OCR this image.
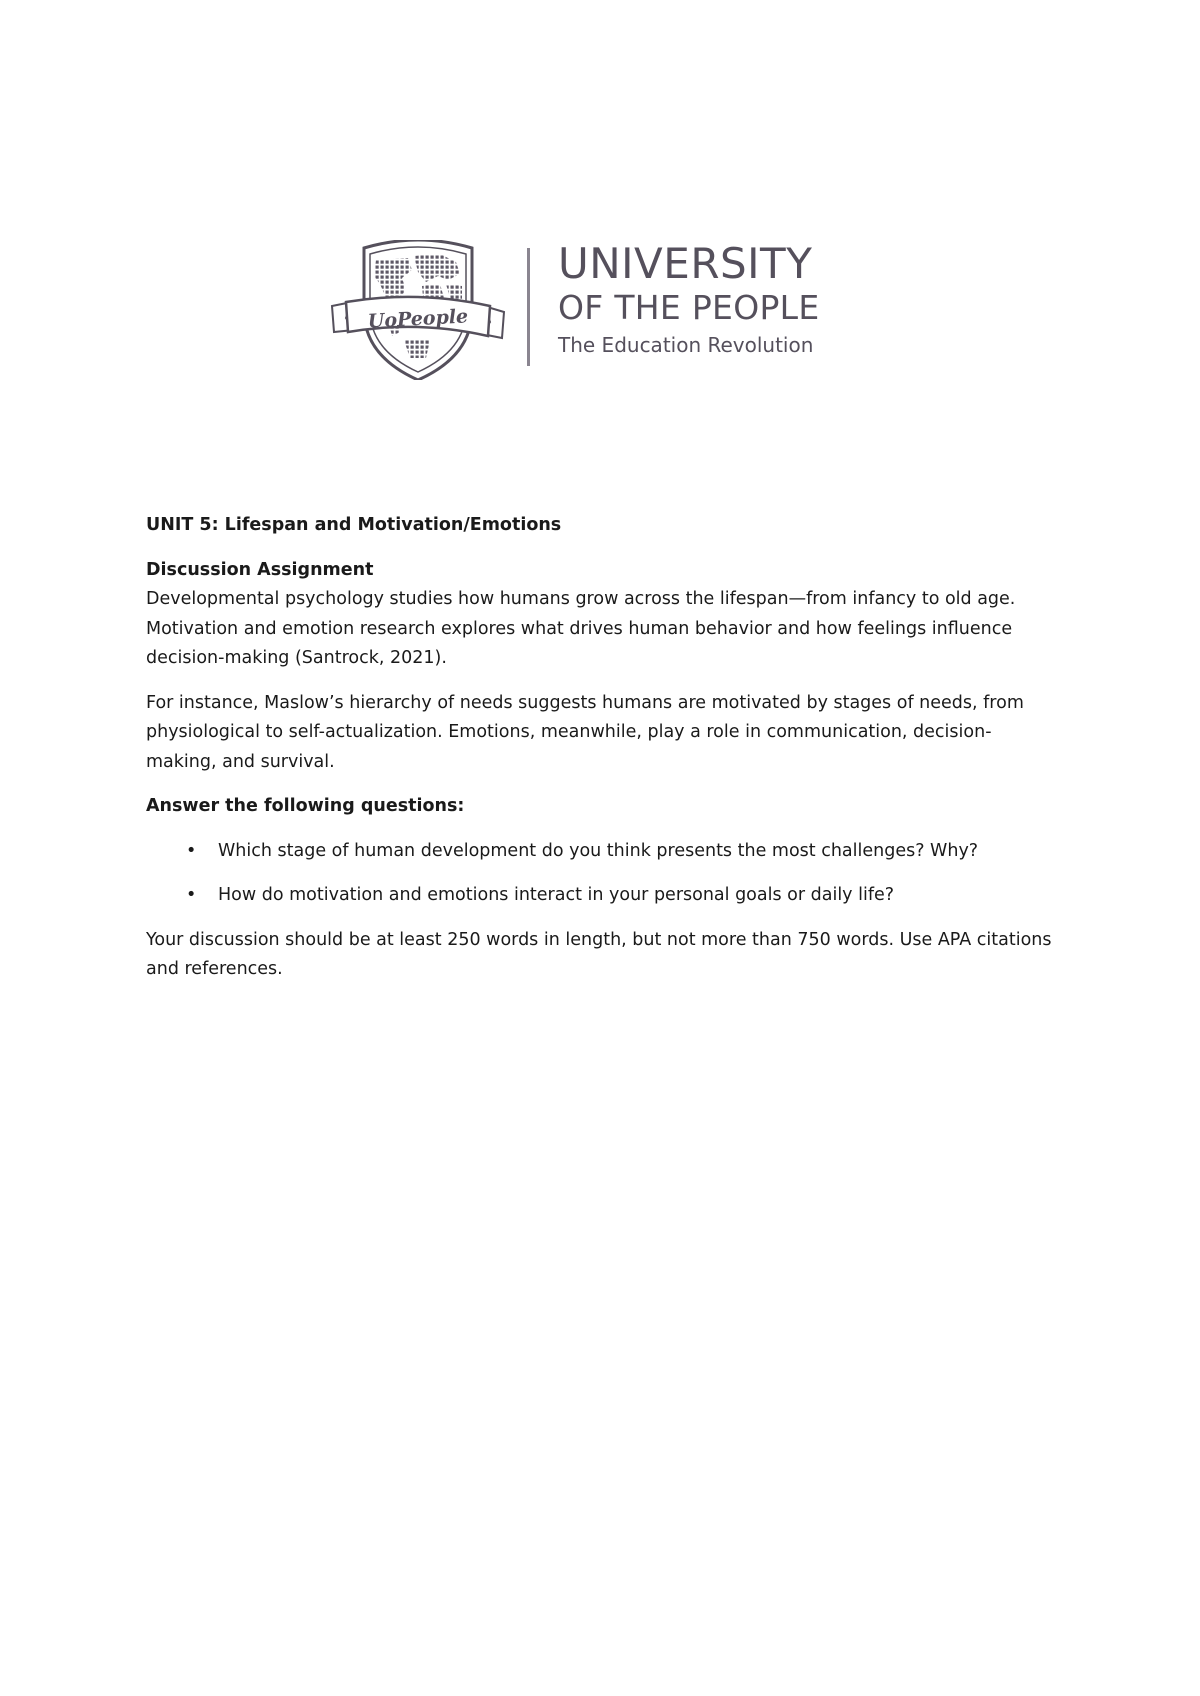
UoPeople
UNIVERSITY
OF THE PEOPLE
The Education Revolution

UNIT 5: Lifespan and Motivation/Emotions

Discussion Assignment

Developmental psychology studies how humans grow across the lifespan—from infancy to old age. Motivation and emotion research explores what drives human behavior and how feelings influence decision-making (Santrock, 2021).

For instance, Maslow’s hierarchy of needs suggests humans are motivated by stages of needs, from physiological to self-actualization. Emotions, meanwhile, play a role in communication, decision-making, and survival.

Answer the following questions:

• Which stage of human development do you think presents the most challenges? Why?
• How do motivation and emotions interact in your personal goals or daily life?

Your discussion should be at least 250 words in length, but not more than 750 words. Use APA citations and references.
